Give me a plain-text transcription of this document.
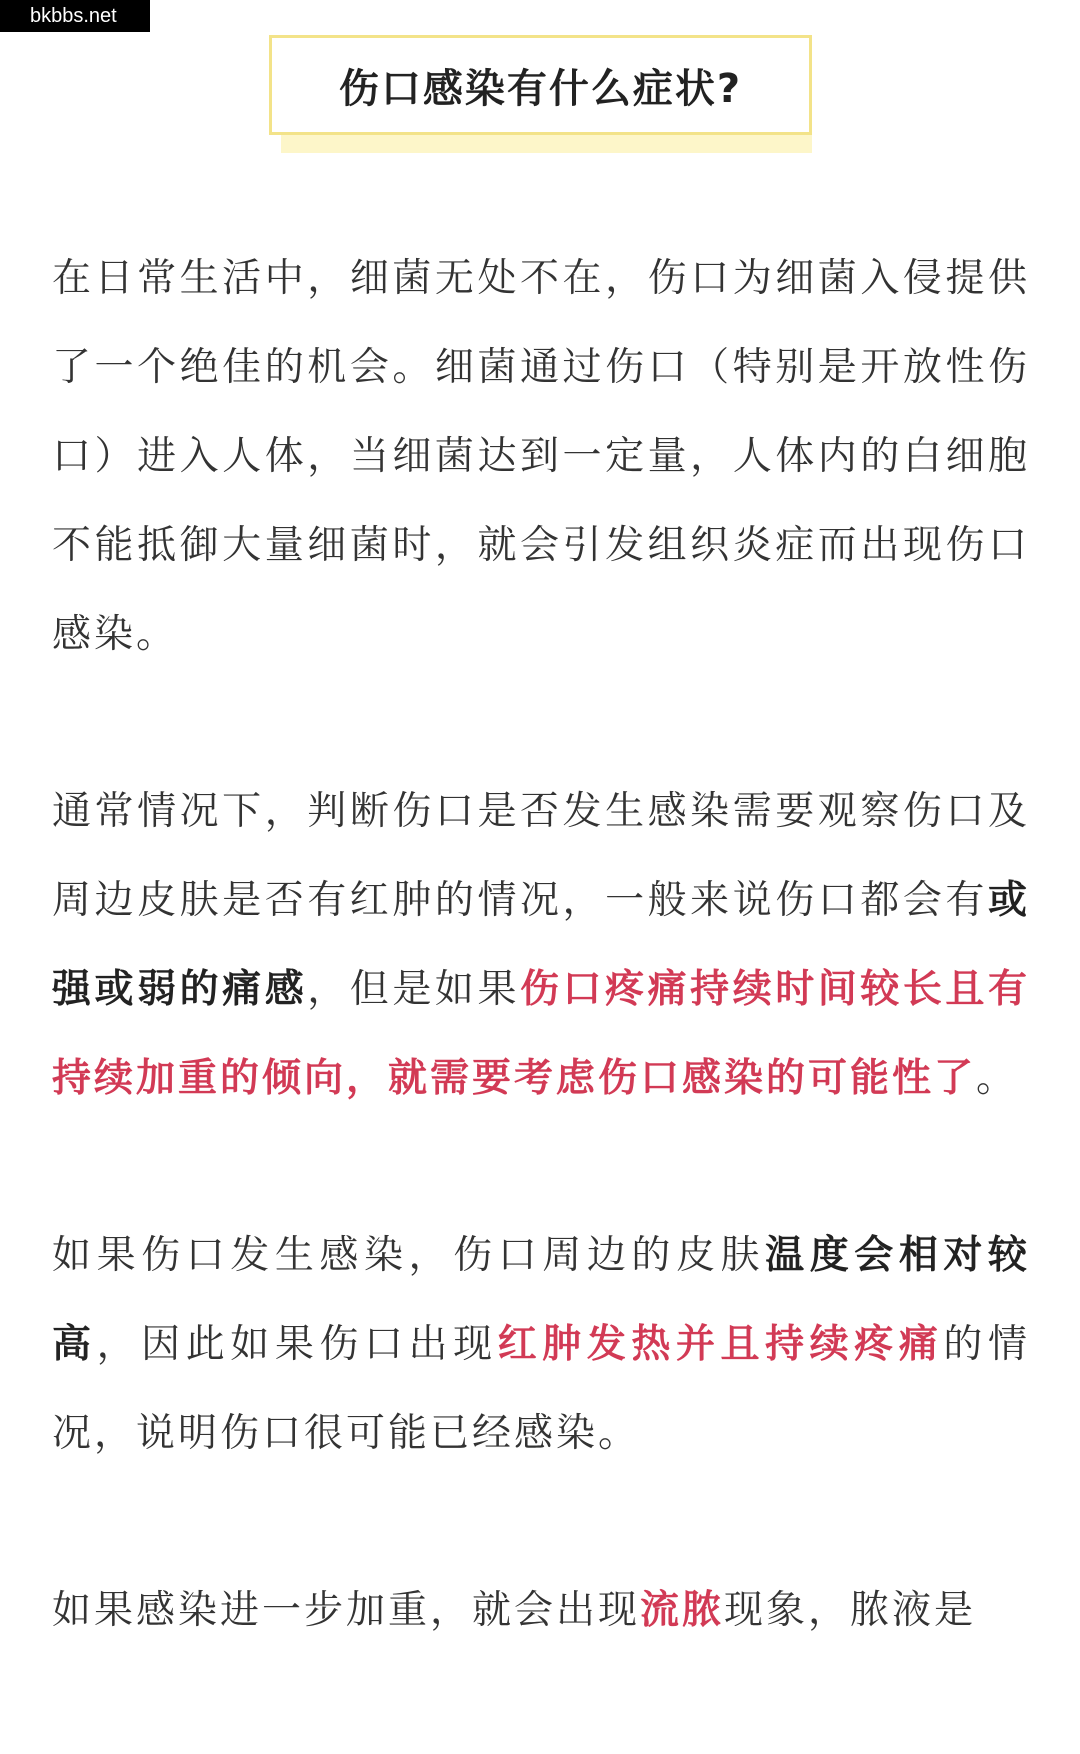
bkbbs.net
伤口感染有什么症状?

在日常生活中，细菌无处不在，伤口为细菌入侵提供了一个绝佳的机会。细菌通过伤口（特别是开放性伤口）进入人体，当细菌达到一定量，人体内的白细胞不能抵御大量细菌时，就会引发组织炎症而出现伤口感染。

通常情况下，判断伤口是否发生感染需要观察伤口及周边皮肤是否有红肿的情况，一般来说伤口都会有或强或弱的痛感，但是如果伤口疼痛持续时间较长且有持续加重的倾向，就需要考虑伤口感染的可能性了。

如果伤口发生感染，伤口周边的皮肤温度会相对较高，因此如果伤口出现红肿发热并且持续疼痛的情况，说明伤口很可能已经感染。

如果感染进一步加重，就会出现流脓现象，脓液是
